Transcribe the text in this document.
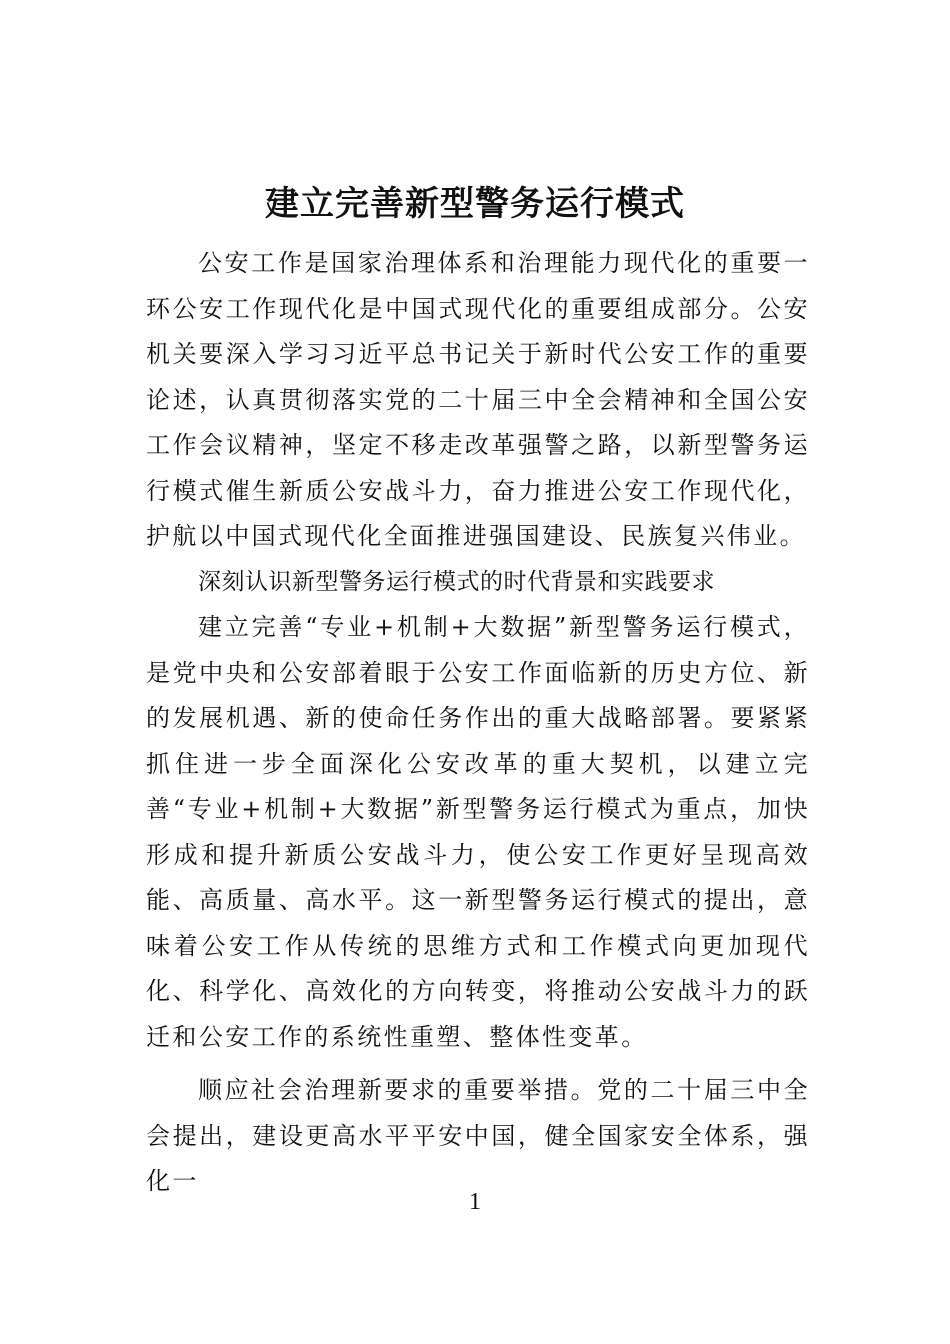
建立完善新型警务运行模式

公安工作是国家治理体系和治理能力现代化的重要一环公安工作现代化是中国式现代化的重要组成部分。公安机关要深入学习习近平总书记关于新时代公安工作的重要论述，认真贯彻落实党的二十届三中全会精神和全国公安工作会议精神，坚定不移走改革强警之路，以新型警务运行模式催生新质公安战斗力，奋力推进公安工作现代化，护航以中国式现代化全面推进强国建设、民族复兴伟业。

深刻认识新型警务运行模式的时代背景和实践要求

建立完善“专业+机制+大数据”新型警务运行模式，是党中央和公安部着眼于公安工作面临新的历史方位、新的发展机遇、新的使命任务作出的重大战略部署。要紧紧抓住进一步全面深化公安改革的重大契机，以建立完善“专业+机制+大数据”新型警务运行模式为重点，加快形成和提升新质公安战斗力，使公安工作更好呈现高效能、高质量、高水平。这一新型警务运行模式的提出，意味着公安工作从传统的思维方式和工作模式向更加现代化、科学化、高效化的方向转变，将推动公安战斗力的跃迁和公安工作的系统性重塑、整体性变革。

顺应社会治理新要求的重要举措。党的二十届三中全会提出，建设更高水平平安中国，健全国家安全体系，强化一

1
